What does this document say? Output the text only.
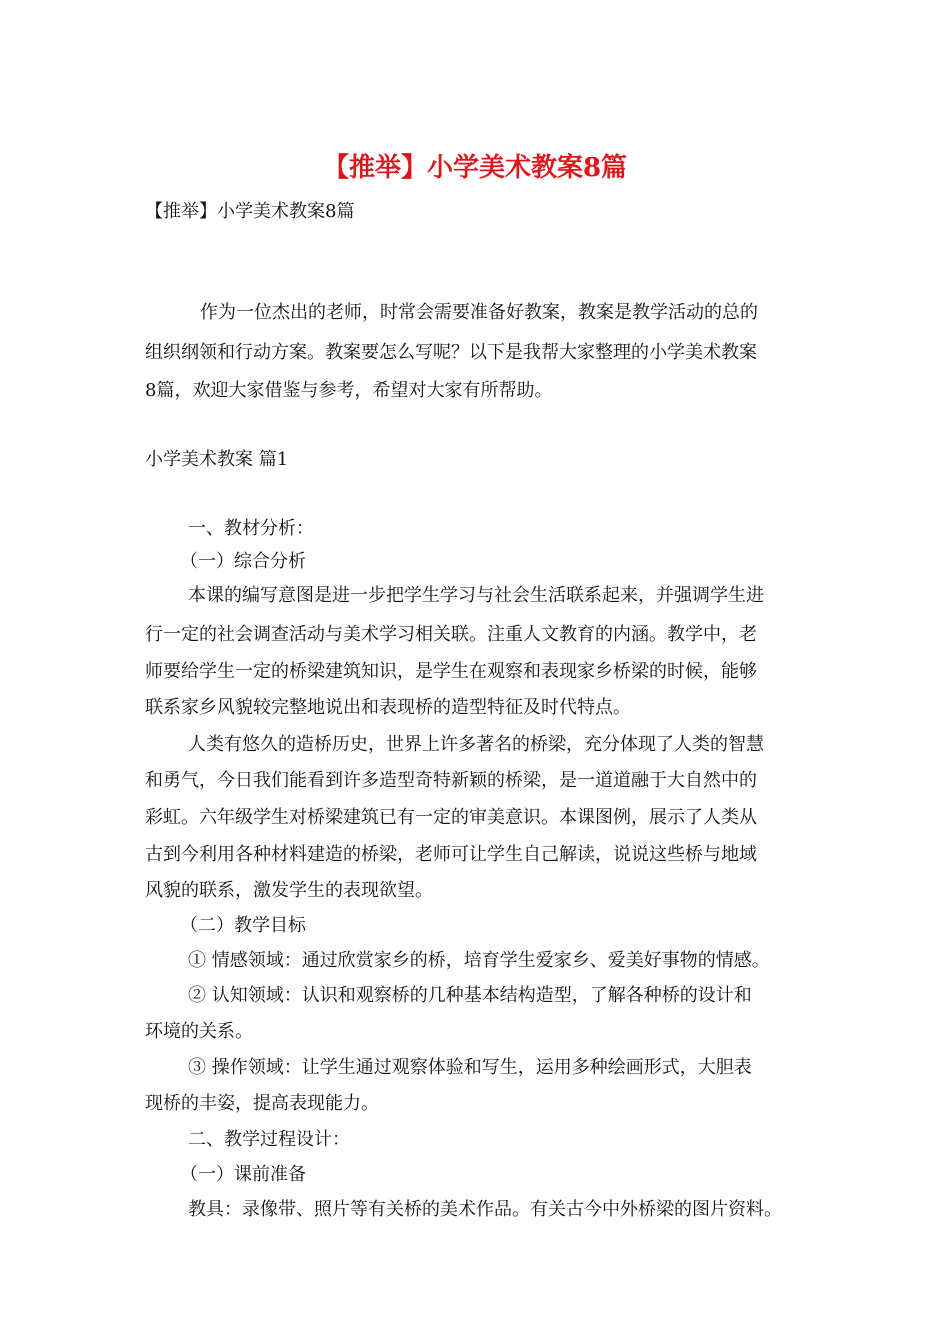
【推举】小学美术教案8篇
【推举】小学美术教案8篇
作为一位杰出的老师，时常会需要准备好教案，教案是教学活动的总的
组织纲领和行动方案。教案要怎么写呢？以下是我帮大家整理的小学美术教案
8篇，欢迎大家借鉴与参考，希望对大家有所帮助。
小学美术教案 篇1
一、教材分析：
（一）综合分析
本课的编写意图是进一步把学生学习与社会生活联系起来，并强调学生进
行一定的社会调查活动与美术学习相关联。注重人文教育的内涵。教学中，老
师要给学生一定的桥梁建筑知识，是学生在观察和表现家乡桥梁的时候，能够
联系家乡风貌较完整地说出和表现桥的造型特征及时代特点。
人类有悠久的造桥历史，世界上许多著名的桥梁，充分体现了人类的智慧
和勇气，今日我们能看到许多造型奇特新颖的桥梁，是一道道融于大自然中的
彩虹。六年级学生对桥梁建筑已有一定的审美意识。本课图例，展示了人类从
古到今利用各种材料建造的桥梁，老师可让学生自己解读，说说这些桥与地域
风貌的联系，激发学生的表现欲望。
（二）教学目标
① 情感领域：通过欣赏家乡的桥，培育学生爱家乡、爱美好事物的情感。
② 认知领域：认识和观察桥的几种基本结构造型，了解各种桥的设计和
环境的关系。
③ 操作领域：让学生通过观察体验和写生，运用多种绘画形式，大胆表
现桥的丰姿，提高表现能力。
二、教学过程设计：
（一）课前准备
教具：录像带、照片等有关桥的美术作品。有关古今中外桥梁的图片资料。
